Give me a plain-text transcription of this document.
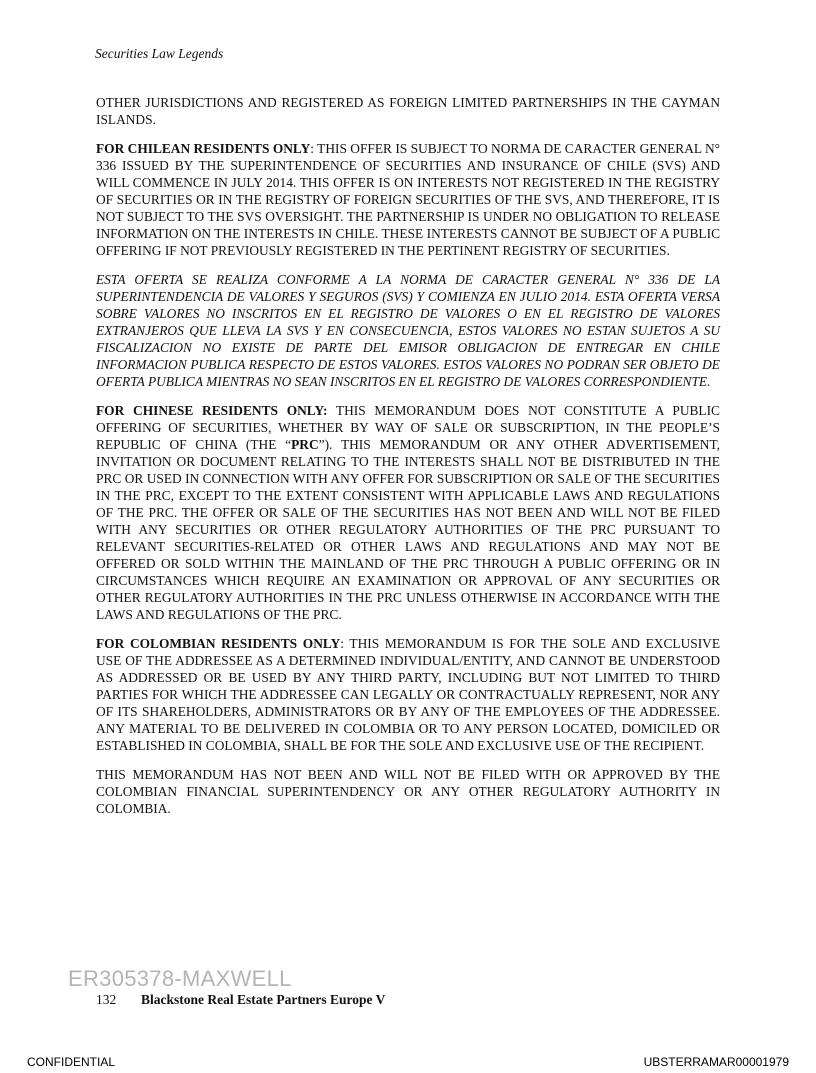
Securities Law Legends

OTHER JURISDICTIONS AND REGISTERED AS FOREIGN LIMITED PARTNERSHIPS IN THE CAYMAN ISLANDS.

FOR CHILEAN RESIDENTS ONLY: THIS OFFER IS SUBJECT TO NORMA DE CARACTER GENERAL N° 336 ISSUED BY THE SUPERINTENDENCE OF SECURITIES AND INSURANCE OF CHILE (SVS) AND WILL COMMENCE IN JULY 2014. THIS OFFER IS ON INTERESTS NOT REGISTERED IN THE REGISTRY OF SECURITIES OR IN THE REGISTRY OF FOREIGN SECURITIES OF THE SVS, AND THEREFORE, IT IS NOT SUBJECT TO THE SVS OVERSIGHT. THE PARTNERSHIP IS UNDER NO OBLIGATION TO RELEASE INFORMATION ON THE INTERESTS IN CHILE. THESE INTERESTS CANNOT BE SUBJECT OF A PUBLIC OFFERING IF NOT PREVIOUSLY REGISTERED IN THE PERTINENT REGISTRY OF SECURITIES.

ESTA OFERTA SE REALIZA CONFORME A LA NORMA DE CARACTER GENERAL N° 336 DE LA SUPERINTENDENCIA DE VALORES Y SEGUROS (SVS) Y COMIENZA EN JULIO 2014. ESTA OFERTA VERSA SOBRE VALORES NO INSCRITOS EN EL REGISTRO DE VALORES O EN EL REGISTRO DE VALORES EXTRANJEROS QUE LLEVA LA SVS Y EN CONSECUENCIA, ESTOS VALORES NO ESTAN SUJETOS A SU FISCALIZACION NO EXISTE DE PARTE DEL EMISOR OBLIGACION DE ENTREGAR EN CHILE INFORMACION PUBLICA RESPECTO DE ESTOS VALORES. ESTOS VALORES NO PODRAN SER OBJETO DE OFERTA PUBLICA MIENTRAS NO SEAN INSCRITOS EN EL REGISTRO DE VALORES CORRESPONDIENTE.

FOR CHINESE RESIDENTS ONLY: THIS MEMORANDUM DOES NOT CONSTITUTE A PUBLIC OFFERING OF SECURITIES, WHETHER BY WAY OF SALE OR SUBSCRIPTION, IN THE PEOPLE’S REPUBLIC OF CHINA (THE “PRC”). THIS MEMORANDUM OR ANY OTHER ADVERTISEMENT, INVITATION OR DOCUMENT RELATING TO THE INTERESTS SHALL NOT BE DISTRIBUTED IN THE PRC OR USED IN CONNECTION WITH ANY OFFER FOR SUBSCRIPTION OR SALE OF THE SECURITIES IN THE PRC, EXCEPT TO THE EXTENT CONSISTENT WITH APPLICABLE LAWS AND REGULATIONS OF THE PRC. THE OFFER OR SALE OF THE SECURITIES HAS NOT BEEN AND WILL NOT BE FILED WITH ANY SECURITIES OR OTHER REGULATORY AUTHORITIES OF THE PRC PURSUANT TO RELEVANT SECURITIES-RELATED OR OTHER LAWS AND REGULATIONS AND MAY NOT BE OFFERED OR SOLD WITHIN THE MAINLAND OF THE PRC THROUGH A PUBLIC OFFERING OR IN CIRCUMSTANCES WHICH REQUIRE AN EXAMINATION OR APPROVAL OF ANY SECURITIES OR OTHER REGULATORY AUTHORITIES IN THE PRC UNLESS OTHERWISE IN ACCORDANCE WITH THE LAWS AND REGULATIONS OF THE PRC.

FOR COLOMBIAN RESIDENTS ONLY: THIS MEMORANDUM IS FOR THE SOLE AND EXCLUSIVE USE OF THE ADDRESSEE AS A DETERMINED INDIVIDUAL/ENTITY, AND CANNOT BE UNDERSTOOD AS ADDRESSED OR BE USED BY ANY THIRD PARTY, INCLUDING BUT NOT LIMITED TO THIRD PARTIES FOR WHICH THE ADDRESSEE CAN LEGALLY OR CONTRACTUALLY REPRESENT, NOR ANY OF ITS SHAREHOLDERS, ADMINISTRATORS OR BY ANY OF THE EMPLOYEES OF THE ADDRESSEE. ANY MATERIAL TO BE DELIVERED IN COLOMBIA OR TO ANY PERSON LOCATED, DOMICILED OR ESTABLISHED IN COLOMBIA, SHALL BE FOR THE SOLE AND EXCLUSIVE USE OF THE RECIPIENT.

THIS MEMORANDUM HAS NOT BEEN AND WILL NOT BE FILED WITH OR APPROVED BY THE COLOMBIAN FINANCIAL SUPERINTENDENCY OR ANY OTHER REGULATORY AUTHORITY IN COLOMBIA.

ER305378-MAXWELL
132 Blackstone Real Estate Partners Europe V
CONFIDENTIAL	UBSTERRAMAR00001979
